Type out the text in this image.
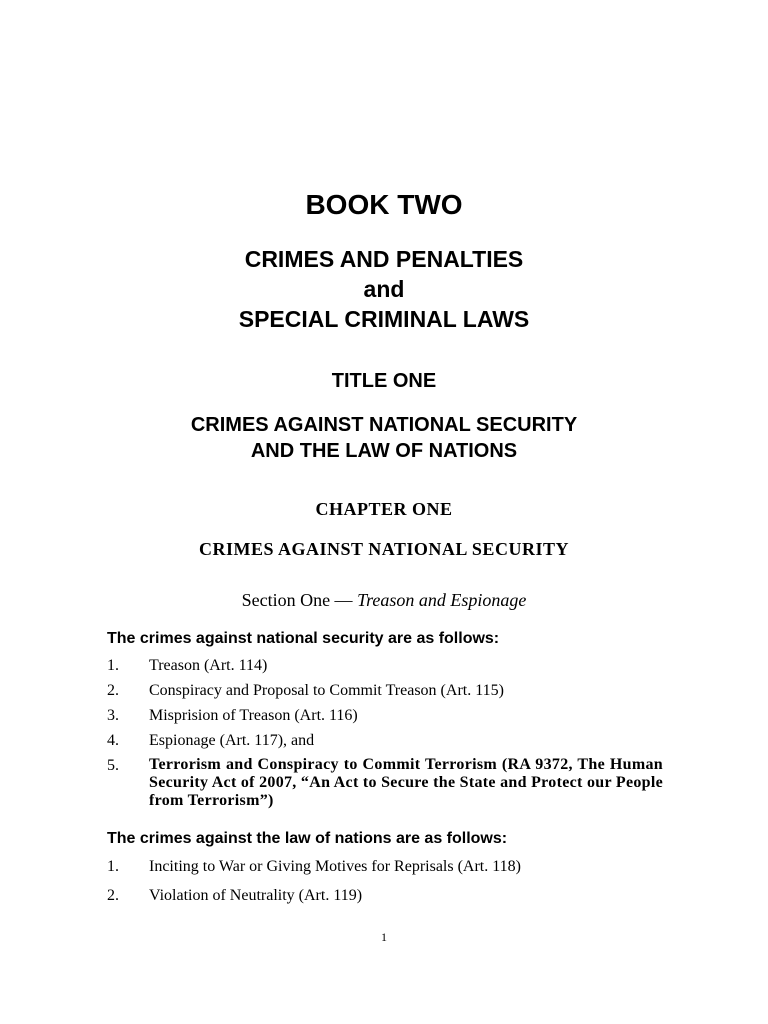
BOOK TWO
CRIMES AND PENALTIES
and
SPECIAL CRIMINAL LAWS
TITLE ONE
CRIMES AGAINST NATIONAL SECURITY
AND THE LAW OF NATIONS
CHAPTER ONE
CRIMES AGAINST NATIONAL SECURITY

Section One — Treason and Espionage

The crimes against national security are as follows:

1.	Treason (Art. 114)
2.	Conspiracy and Proposal to Commit Treason (Art. 115)
3.	Misprision of Treason (Art. 116)
4.	Espionage (Art. 117), and
5.	Terrorism and Conspiracy to Commit Terrorism (RA 9372, The Human Security Act of 2007, “An Act to Secure the State and Protect our People from Terrorism”)

The crimes against the law of nations are as follows:

1.	Inciting to War or Giving Motives for Reprisals (Art. 118)
2.	Violation of Neutrality (Art. 119)

1
